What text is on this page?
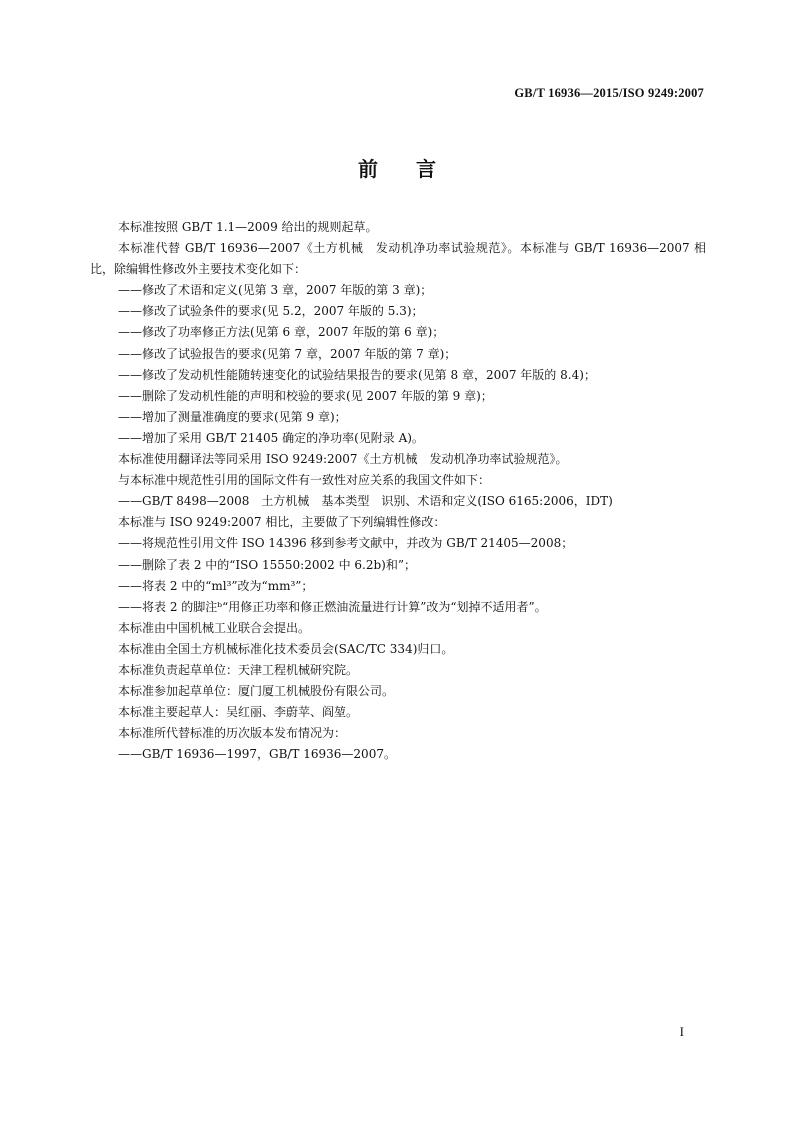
GB/T 16936—2015/ISO 9249:2007
前言
本标准按照 GB/T 1.1—2009 给出的规则起草。
本标准代替 GB/T 16936—2007《土方机械　发动机净功率试验规范》。本标准与 GB/T 16936—2007 相比，除编辑性修改外主要技术变化如下：
——修改了术语和定义(见第 3 章，2007 年版的第 3 章)；
——修改了试验条件的要求(见 5.2，2007 年版的 5.3)；
——修改了功率修正方法(见第 6 章，2007 年版的第 6 章)；
——修改了试验报告的要求(见第 7 章，2007 年版的第 7 章)；
——修改了发动机性能随转速变化的试验结果报告的要求(见第 8 章，2007 年版的 8.4)；
——删除了发动机性能的声明和校验的要求(见 2007 年版的第 9 章)；
——增加了测量准确度的要求(见第 9 章)；
——增加了采用 GB/T 21405 确定的净功率(见附录 A)。
本标准使用翻译法等同采用 ISO 9249:2007《土方机械　发动机净功率试验规范》。
与本标准中规范性引用的国际文件有一致性对应关系的我国文件如下：
——GB/T 8498—2008　土方机械　基本类型　识别、术语和定义(ISO 6165:2006，IDT)
本标准与 ISO 9249:2007 相比，主要做了下列编辑性修改：
——将规范性引用文件 ISO 14396 移到参考文献中，并改为 GB/T 21405—2008；
——删除了表 2 中的“ISO 15550:2002 中 6.2b)和”；
——将表 2 中的“ml³”改为“mm³”；
——将表 2 的脚注ᵇ“用修正功率和修正燃油流量进行计算”改为“划掉不适用者”。
本标准由中国机械工业联合会提出。
本标准由全国土方机械标准化技术委员会(SAC/TC 334)归口。
本标准负责起草单位：天津工程机械研究院。
本标准参加起草单位：厦门厦工机械股份有限公司。
本标准主要起草人：吴红丽、李蔚苹、阎堃。
本标准所代替标准的历次版本发布情况为：
——GB/T 16936—1997，GB/T 16936—2007。
I
